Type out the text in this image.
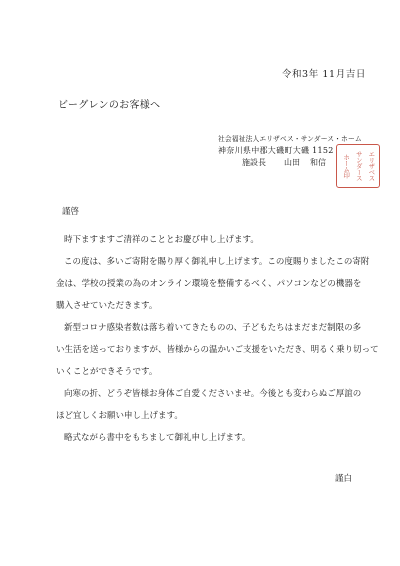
令和3年 11月吉日
ビーグレンのお客様へ
社会福祉法人エリザベス・サンダース・ホーム
神奈川県中郡大磯町大磯 1152
施設長 山田 和信	エリザベス
サンダース
ホーム印

謹啓

時下ますますご清祥のこととお慶び申し上げます。

この度は、多いご寄附を賜り厚く御礼申し上げます。この度賜りましたこの寄附

金は、学校の授業の為のオンライン環境を整備するべく、パソコンなどの機器を

購入させていただきます。

新型コロナ感染者数は落ち着いてきたものの、子どもたちはまだまだ制限の多

い生活を送っておりますが、皆様からの温かいご支援をいただき、明るく乗り切って

いくことができそうです。

向寒の折、どうぞ皆様お身体ご自愛くださいませ。今後とも変わらぬご厚誼の

ほど宜しくお願い申し上げます。

略式ながら書中をもちまして御礼申し上げます。

謹白
